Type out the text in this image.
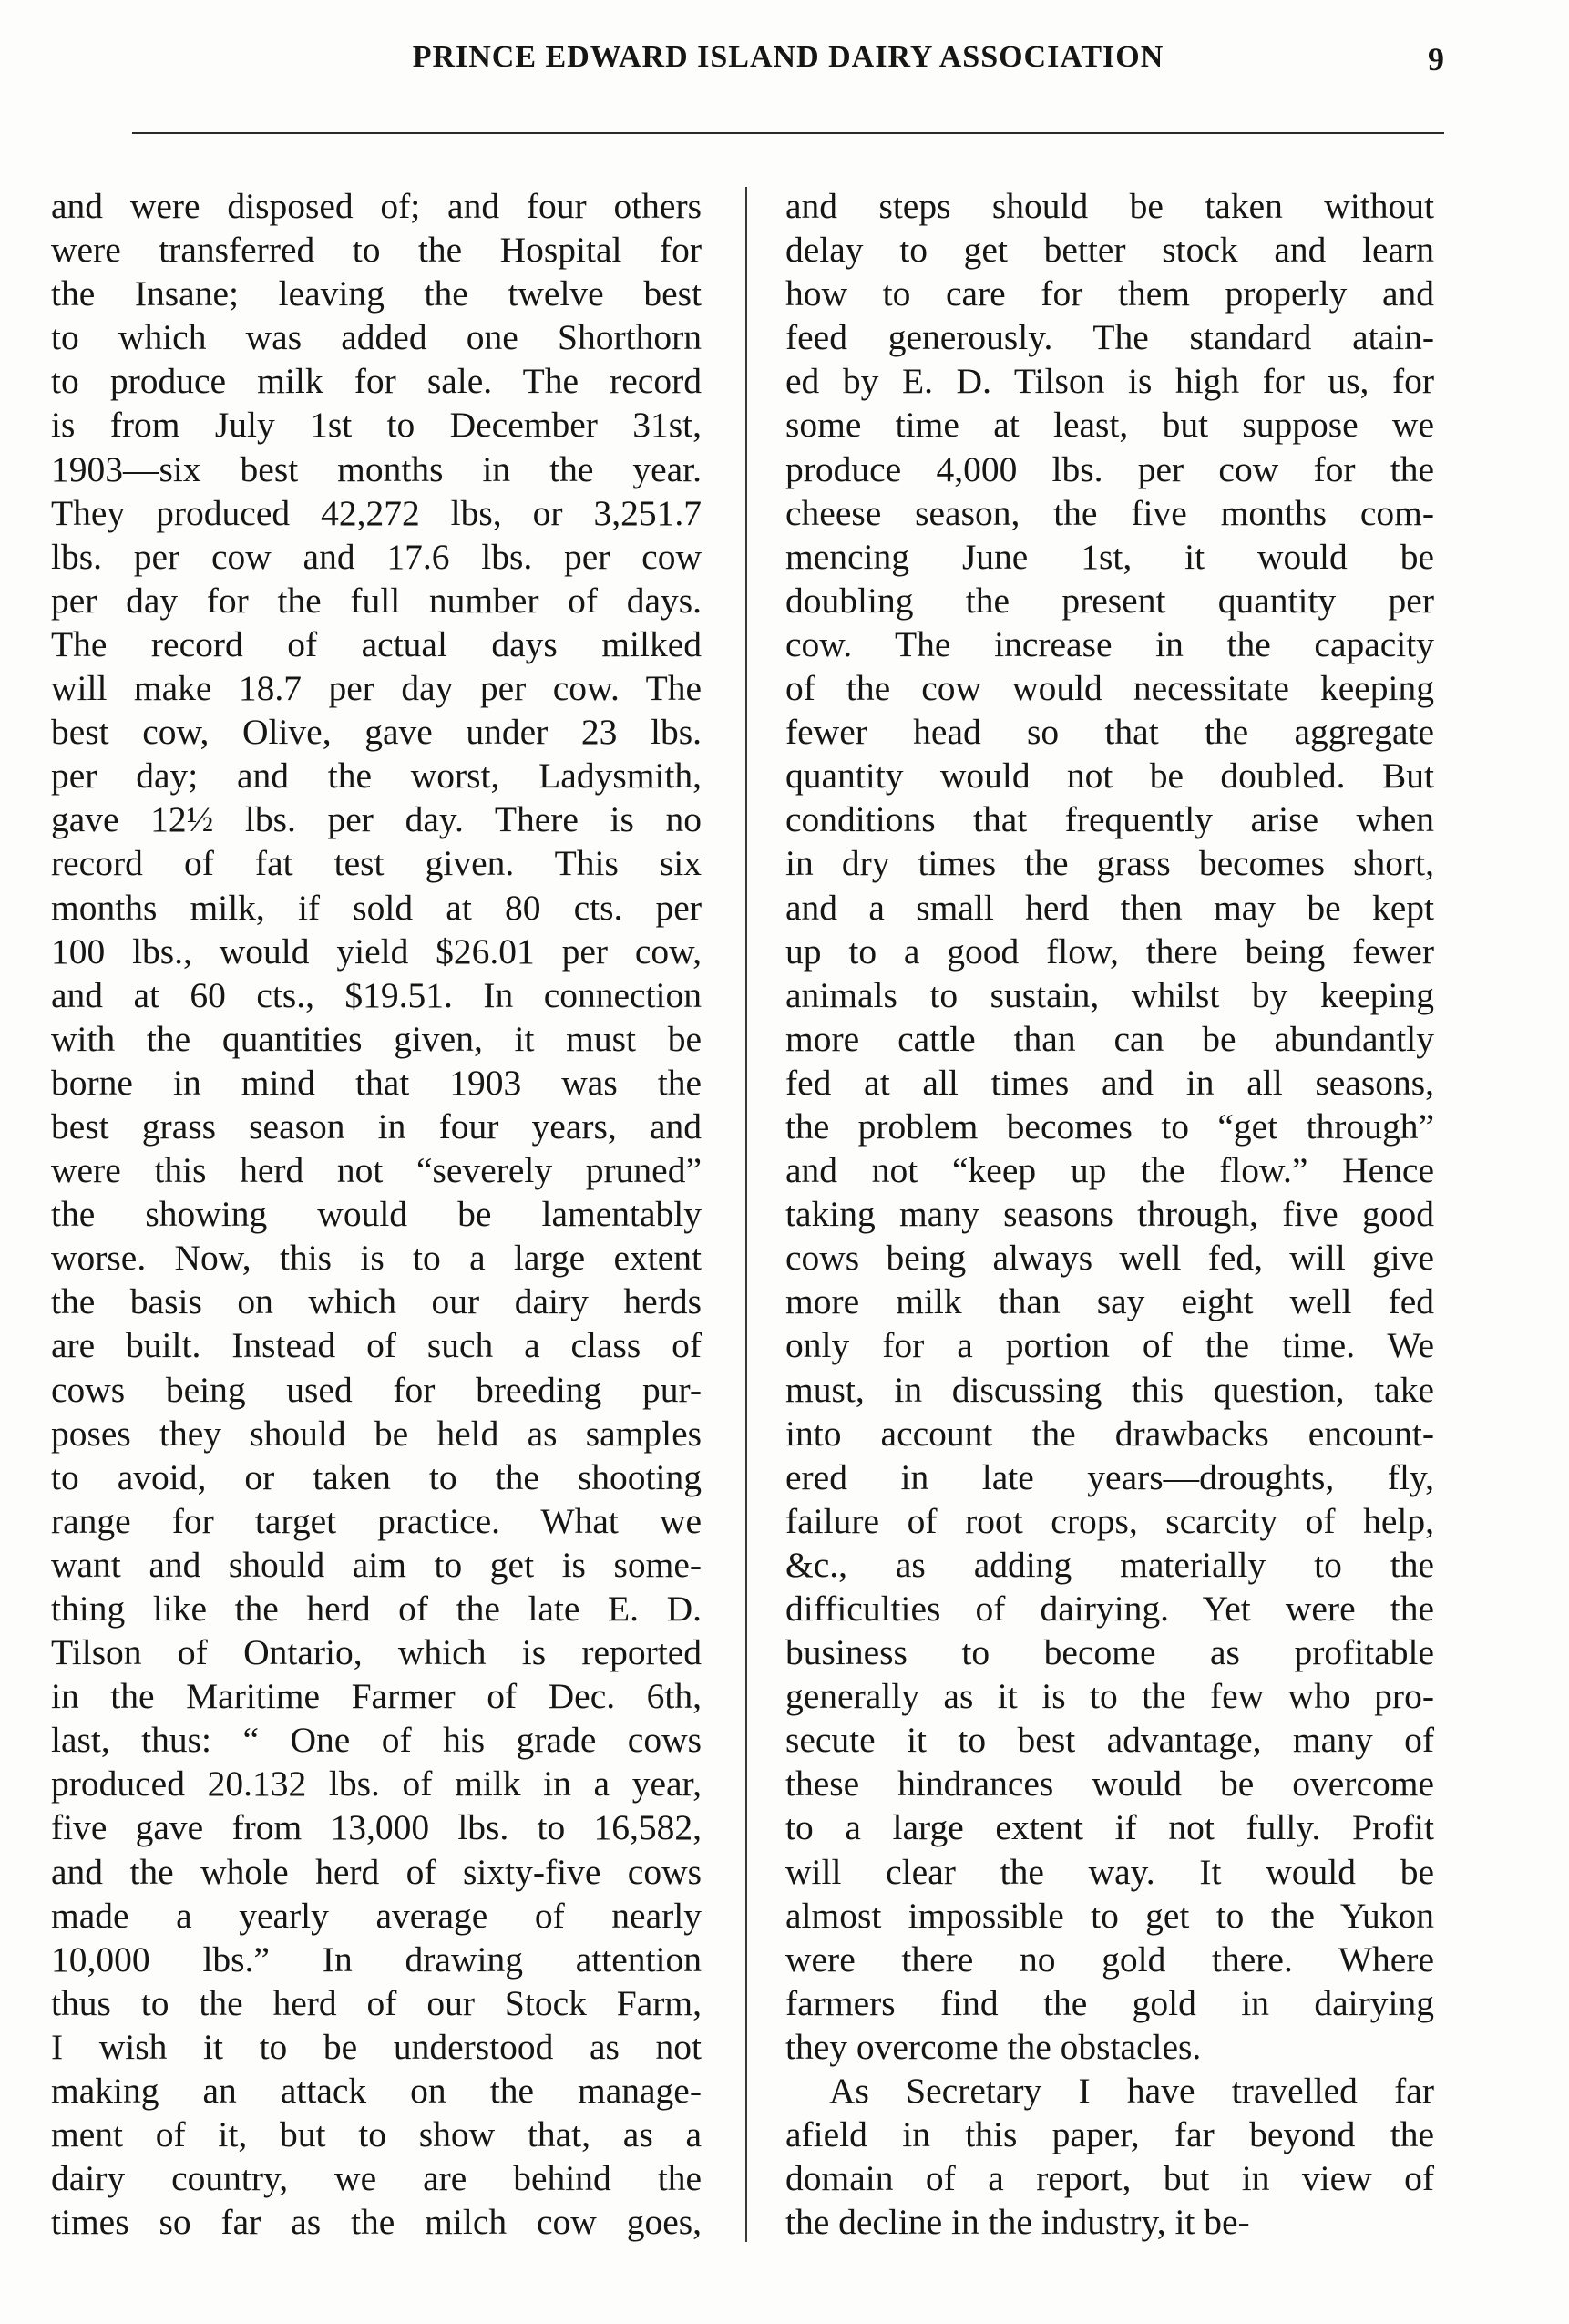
PRINCE EDWARD ISLAND DAIRY ASSOCIATION	9
and were disposed of; and four others
were transferred to the Hospital for
the Insane; leaving the twelve best
to which was added one Shorthorn
to produce milk for sale. The record
is from July 1st to December 31st,
1903—six best months in the year.
They produced 42,272 lbs, or 3,251.7
lbs. per cow and 17.6 lbs. per cow
per day for the full number of days.
The record of actual days milked
will make 18.7 per day per cow. The
best cow, Olive, gave under 23 lbs.
per day; and the worst, Ladysmith,
gave 12½ lbs. per day. There is no
record of fat test given. This six
months milk, if sold at 80 cts. per
100 lbs., would yield $26.01 per cow,
and at 60 cts., $19.51. In connection
with the quantities given, it must be
borne in mind that 1903 was the
best grass season in four years, and
were this herd not “severely pruned”
the showing would be lamentably
worse. Now, this is to a large extent
the basis on which our dairy herds
are built. Instead of such a class of
cows being used for breeding pur-
poses they should be held as samples
to avoid, or taken to the shooting
range for target practice. What we
want and should aim to get is some-
thing like the herd of the late E. D.
Tilson of Ontario, which is reported
in the Maritime Farmer of Dec. 6th,
last, thus: “ One of his grade cows
produced 20.132 lbs. of milk in a year,
five gave from 13,000 lbs. to 16,582,
and the whole herd of sixty-five cows
made a yearly average of nearly
10,000 lbs.” In drawing attention
thus to the herd of our Stock Farm,
I wish it to be understood as not
making an attack on the manage-
ment of it, but to show that, as a
dairy country, we are behind the
times so far as the milch cow goes,
and steps should be taken without
delay to get better stock and learn
how to care for them properly and
feed generously. The standard atain-
ed by E. D. Tilson is high for us, for
some time at least, but suppose we
produce 4,000 lbs. per cow for the
cheese season, the five months com-
mencing June 1st, it would be
doubling the present quantity per
cow. The increase in the capacity
of the cow would necessitate keeping
fewer head so that the aggregate
quantity would not be doubled. But
conditions that frequently arise when
in dry times the grass becomes short,
and a small herd then may be kept
up to a good flow, there being fewer
animals to sustain, whilst by keeping
more cattle than can be abundantly
fed at all times and in all seasons,
the problem becomes to “get through”
and not “keep up the flow.” Hence
taking many seasons through, five good
cows being always well fed, will give
more milk than say eight well fed
only for a portion of the time. We
must, in discussing this question, take
into account the drawbacks encount-
ered in late years—droughts, fly,
failure of root crops, scarcity of help,
&c., as adding materially to the
difficulties of dairying. Yet were the
business to become as profitable
generally as it is to the few who pro-
secute it to best advantage, many of
these hindrances would be overcome
to a large extent if not fully. Profit
will clear the way. It would be
almost impossible to get to the Yukon
were there no gold there. Where
farmers find the gold in dairying
they overcome the obstacles.
As Secretary I have travelled far
afield in this paper, far beyond the
domain of a report, but in view of
the decline in the industry, it be-
